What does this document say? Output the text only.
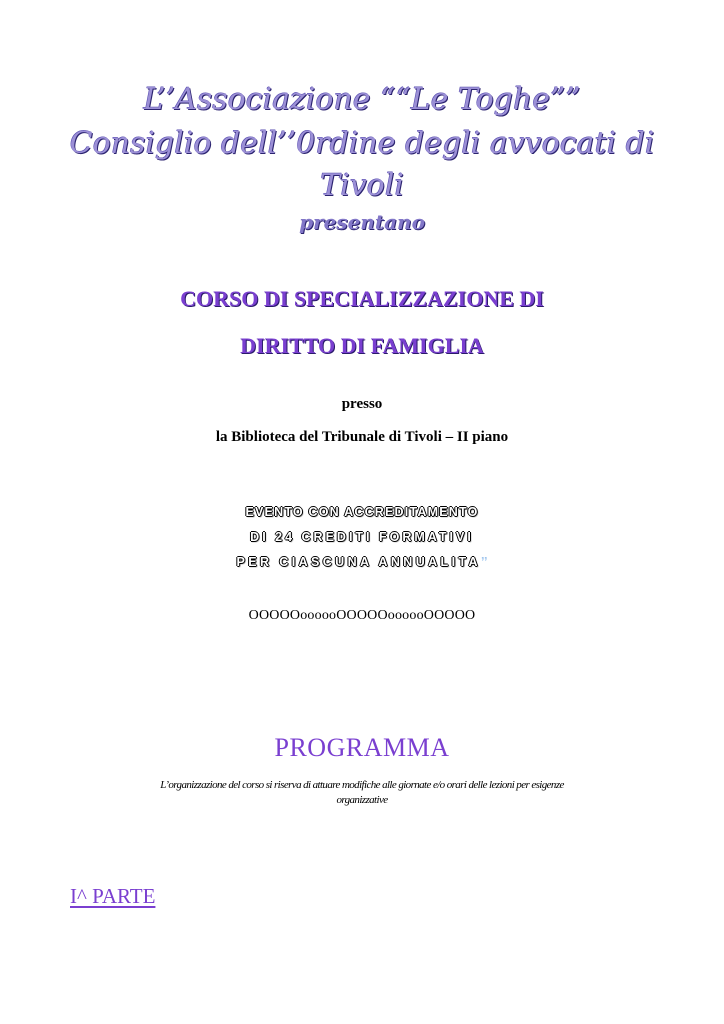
L’’Associazione ““Le Toghe””
Consiglio dell’’0rdine degli avvocati di
Tivoli
presentano
CORSO DI SPECIALIZZAZIONE DI
DIRITTO DI FAMIGLIA
presso
la Biblioteca del Tribunale di Tivoli – II piano
EVENTO CON ACCREDITAMENTO
DI 24 CREDITI FORMATIVI
PER CIASCUNA ANNUALITA’’
OOOOOoooooOOOOOoooooOOOOO
PROGRAMMA
L’organizzazione del corso si riserva di attuare modifiche alle giornate e/o orari delle lezioni per esigenze
organizzative
I^ PARTE
